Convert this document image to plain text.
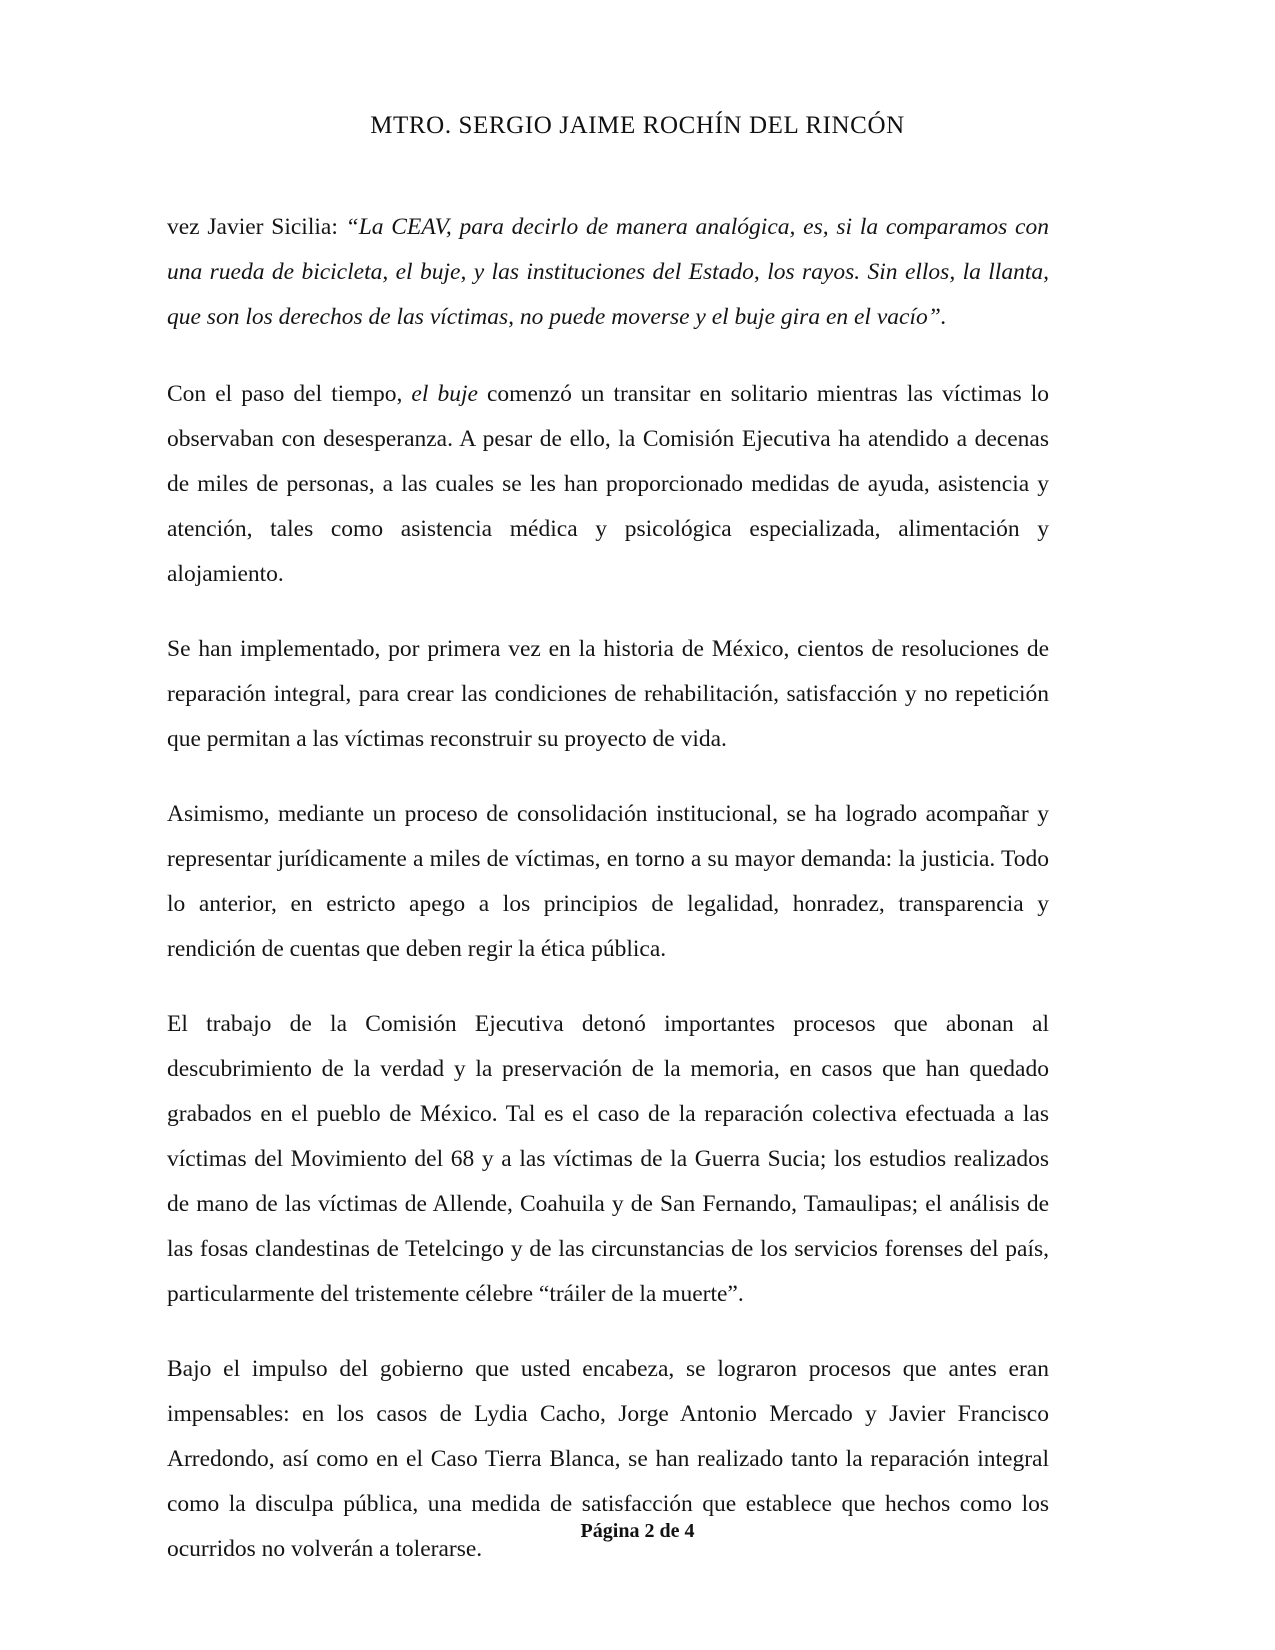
MTRO. SERGIO JAIME ROCHÍN DEL RINCÓN

vez Javier Sicilia: “La CEAV, para decirlo de manera analógica, es, si la comparamos con una rueda de bicicleta, el buje, y las instituciones del Estado, los rayos. Sin ellos, la llanta, que son los derechos de las víctimas, no puede moverse y el buje gira en el vacío”.

Con el paso del tiempo, el buje comenzó un transitar en solitario mientras las víctimas lo observaban con desesperanza. A pesar de ello, la Comisión Ejecutiva ha atendido a decenas de miles de personas, a las cuales se les han proporcionado medidas de ayuda, asistencia y atención, tales como asistencia médica y psicológica especializada, alimentación y alojamiento.

Se han implementado, por primera vez en la historia de México, cientos de resoluciones de reparación integral, para crear las condiciones de rehabilitación, satisfacción y no repetición que permitan a las víctimas reconstruir su proyecto de vida.

Asimismo, mediante un proceso de consolidación institucional, se ha logrado acompañar y representar jurídicamente a miles de víctimas, en torno a su mayor demanda: la justicia. Todo lo anterior, en estricto apego a los principios de legalidad, honradez, transparencia y rendición de cuentas que deben regir la ética pública.

El trabajo de la Comisión Ejecutiva detonó importantes procesos que abonan al descubrimiento de la verdad y la preservación de la memoria, en casos que han quedado grabados en el pueblo de México. Tal es el caso de la reparación colectiva efectuada a las víctimas del Movimiento del 68 y a las víctimas de la Guerra Sucia; los estudios realizados de mano de las víctimas de Allende, Coahuila y de San Fernando, Tamaulipas; el análisis de las fosas clandestinas de Tetelcingo y de las circunstancias de los servicios forenses del país, particularmente del tristemente célebre “tráiler de la muerte”.

Bajo el impulso del gobierno que usted encabeza, se lograron procesos que antes eran impensables: en los casos de Lydia Cacho, Jorge Antonio Mercado y Javier Francisco Arredondo, así como en el Caso Tierra Blanca, se han realizado tanto la reparación integral como la disculpa pública, una medida de satisfacción que establece que hechos como los ocurridos no volverán a tolerarse.

Página 2 de 4
